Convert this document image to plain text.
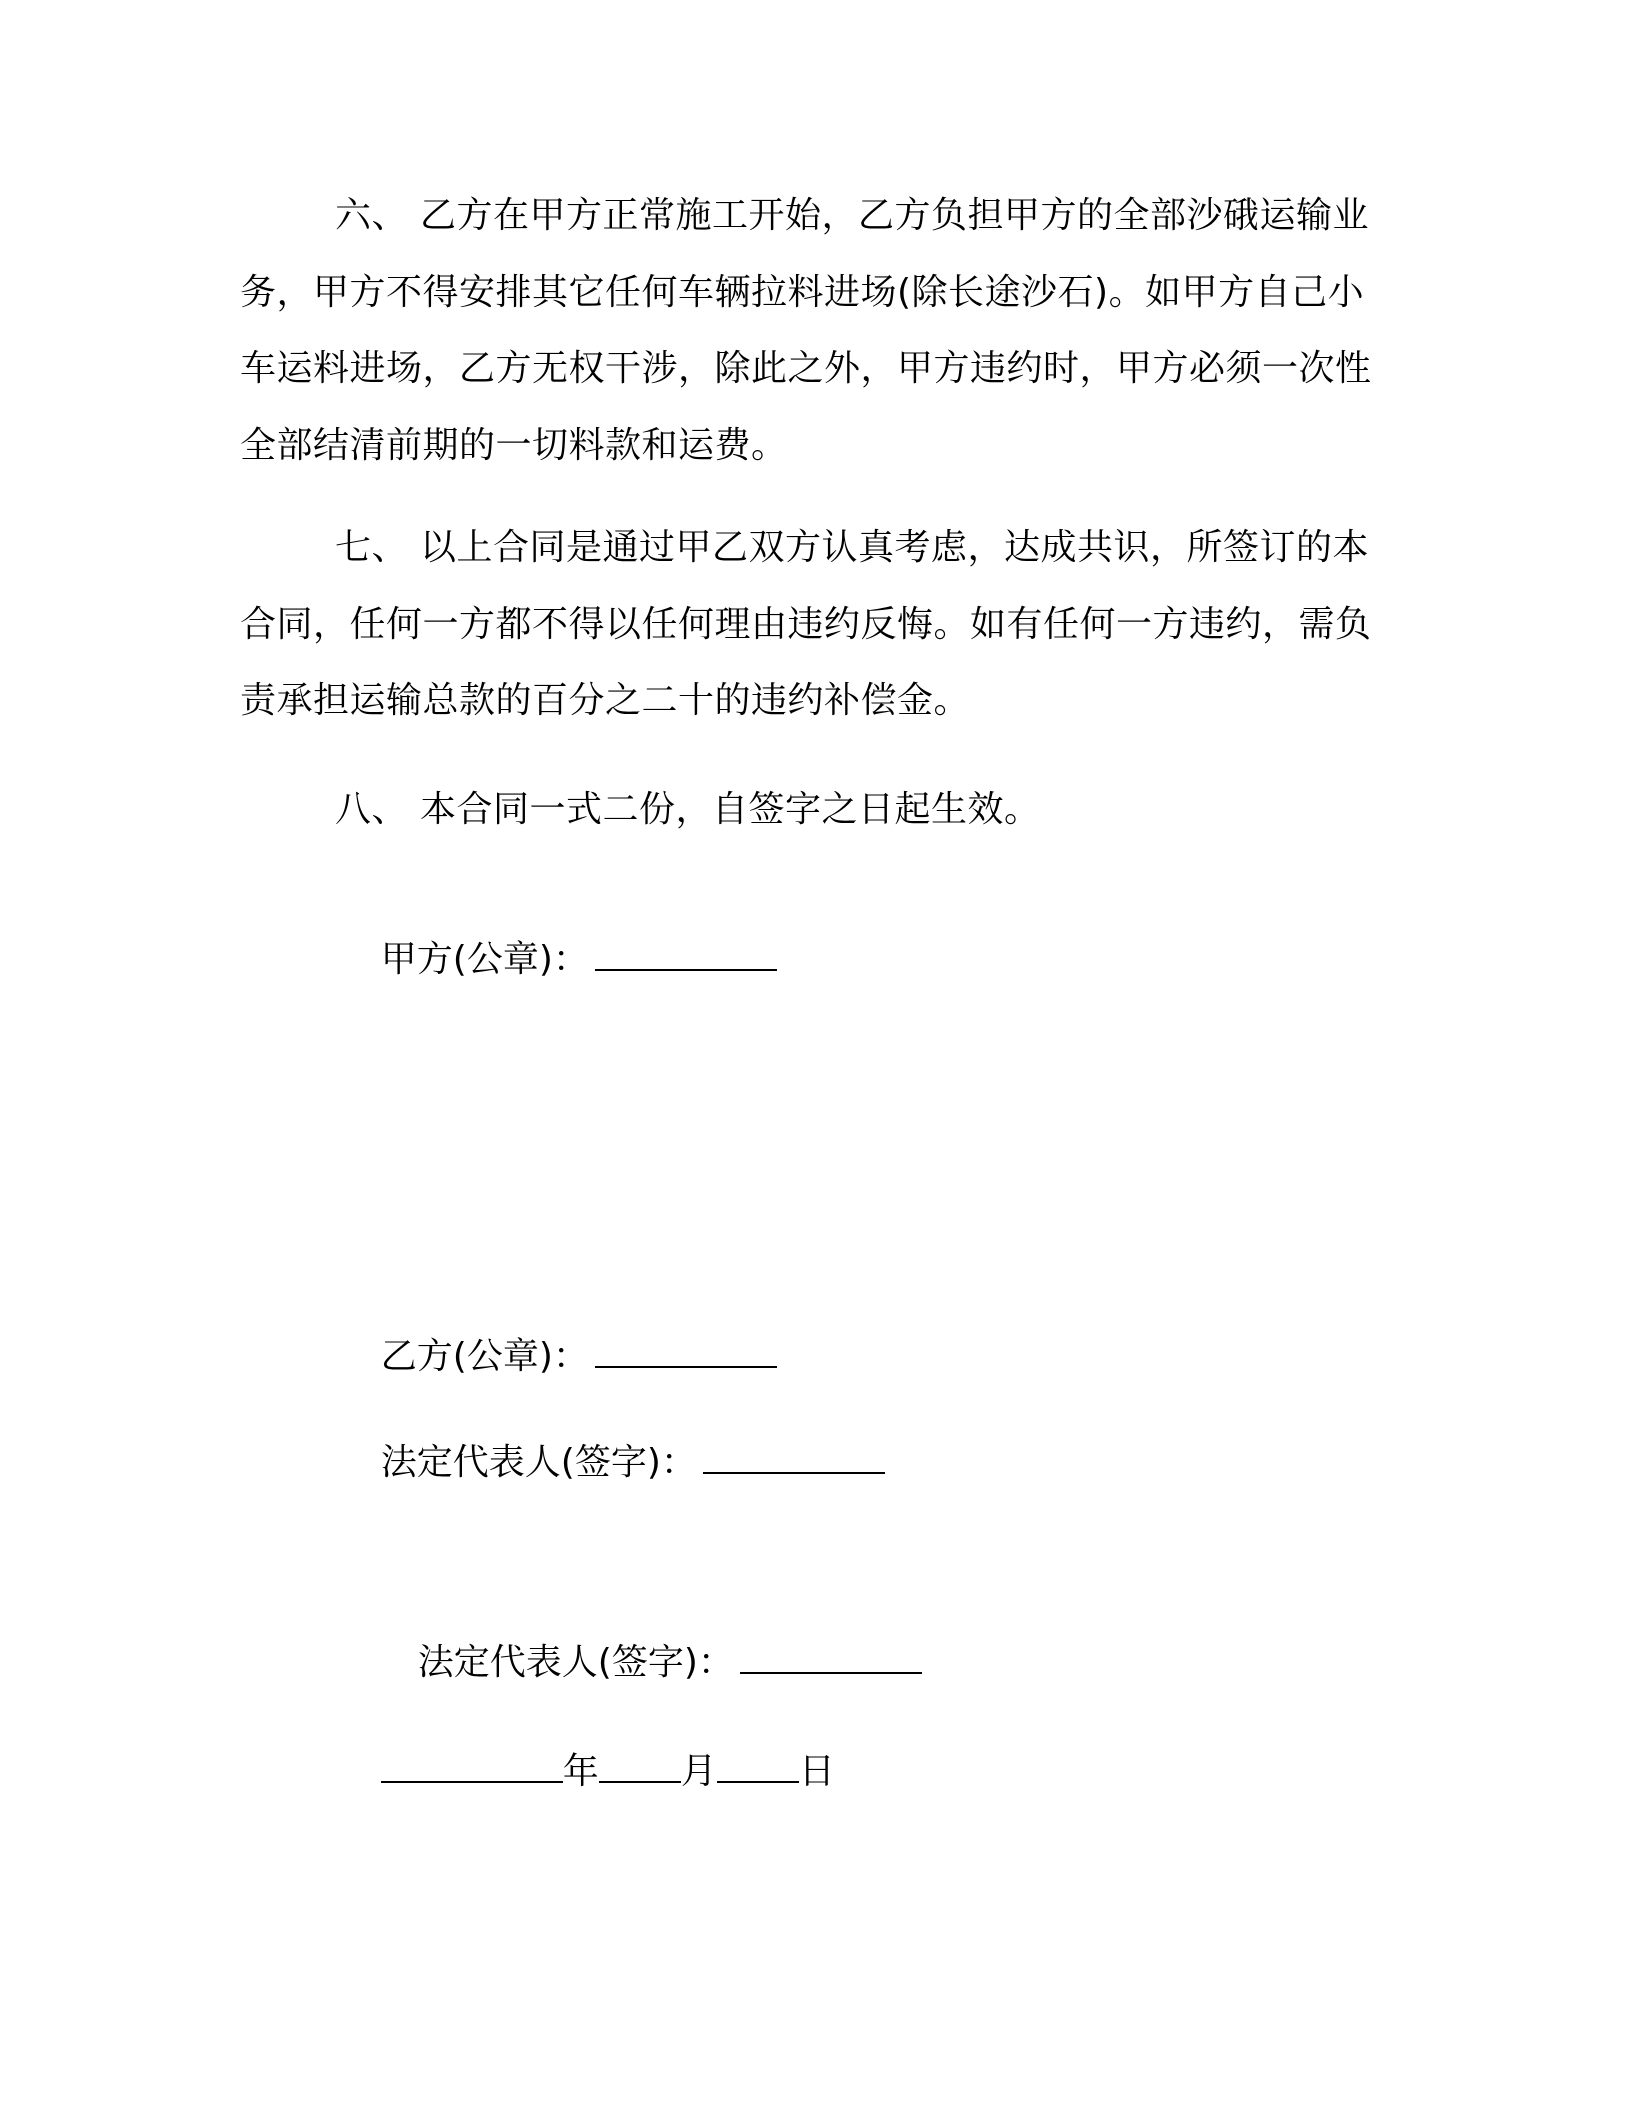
六、 乙方在甲方正常施工开始，乙方负担甲方的全部沙硪运输业务，甲方不得安排其它任何车辆拉料进场(除长途沙石)。如甲方自己小车运料进场，乙方无权干涉，除此之外，甲方违约时，甲方必须一次性全部结清前期的一切料款和运费。

七、 以上合同是通过甲乙双方认真考虑，达成共识，所签订的本合同，任何一方都不得以任何理由违约反悔。如有任何一方违约，需负责承担运输总款的百分之二十的违约补偿金。

八、 本合同一式二份，自签字之日起生效。

甲方(公章)：

乙方(公章)：

法定代表人(签字)：

法定代表人(签字)：

年 月 日
